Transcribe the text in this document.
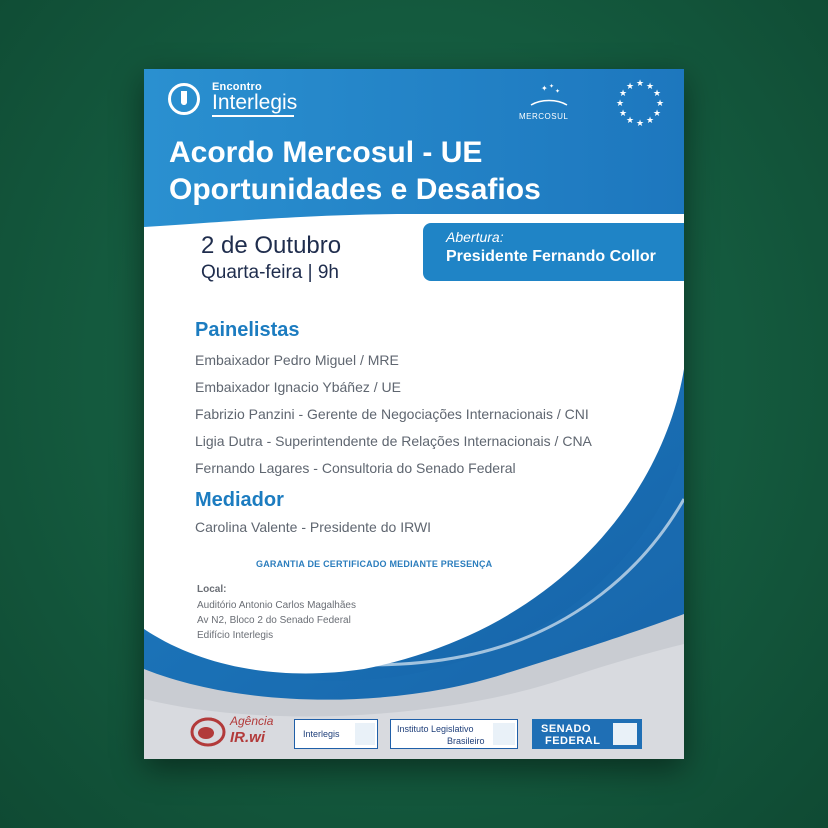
Encontro
Interlegis
✦ ✦
✦
MERCOSUL
★ ★
★
★
★
★
★
★
★
★
★
★
Acordo Mercosul - UE
Oportunidades e Desafios
2 de Outubro
Quarta-feira | 9h
Abertura:
Presidente Fernando Collor
Painelistas
Embaixador Pedro Miguel / MRE
Embaixador Ignacio Ybáñez / UE
Fabrizio Panzini - Gerente de Negociações Internacionais / CNI
Ligia Dutra - Superintendente de Relações Internacionais / CNA
Fernando Lagares - Consultoria do Senado Federal
Mediador
Carolina Valente - Presidente do IRWI
GARANTIA DE CERTIFICADO MEDIANTE PRESENÇA
Local:
Auditório Antonio Carlos Magalhães
Av N2, Bloco 2 do Senado Federal
Edifício Interlegis
Agência
IR.wi	Interlegis	Instituto Legislativo
Brasileiro
SENADO
FEDERAL
